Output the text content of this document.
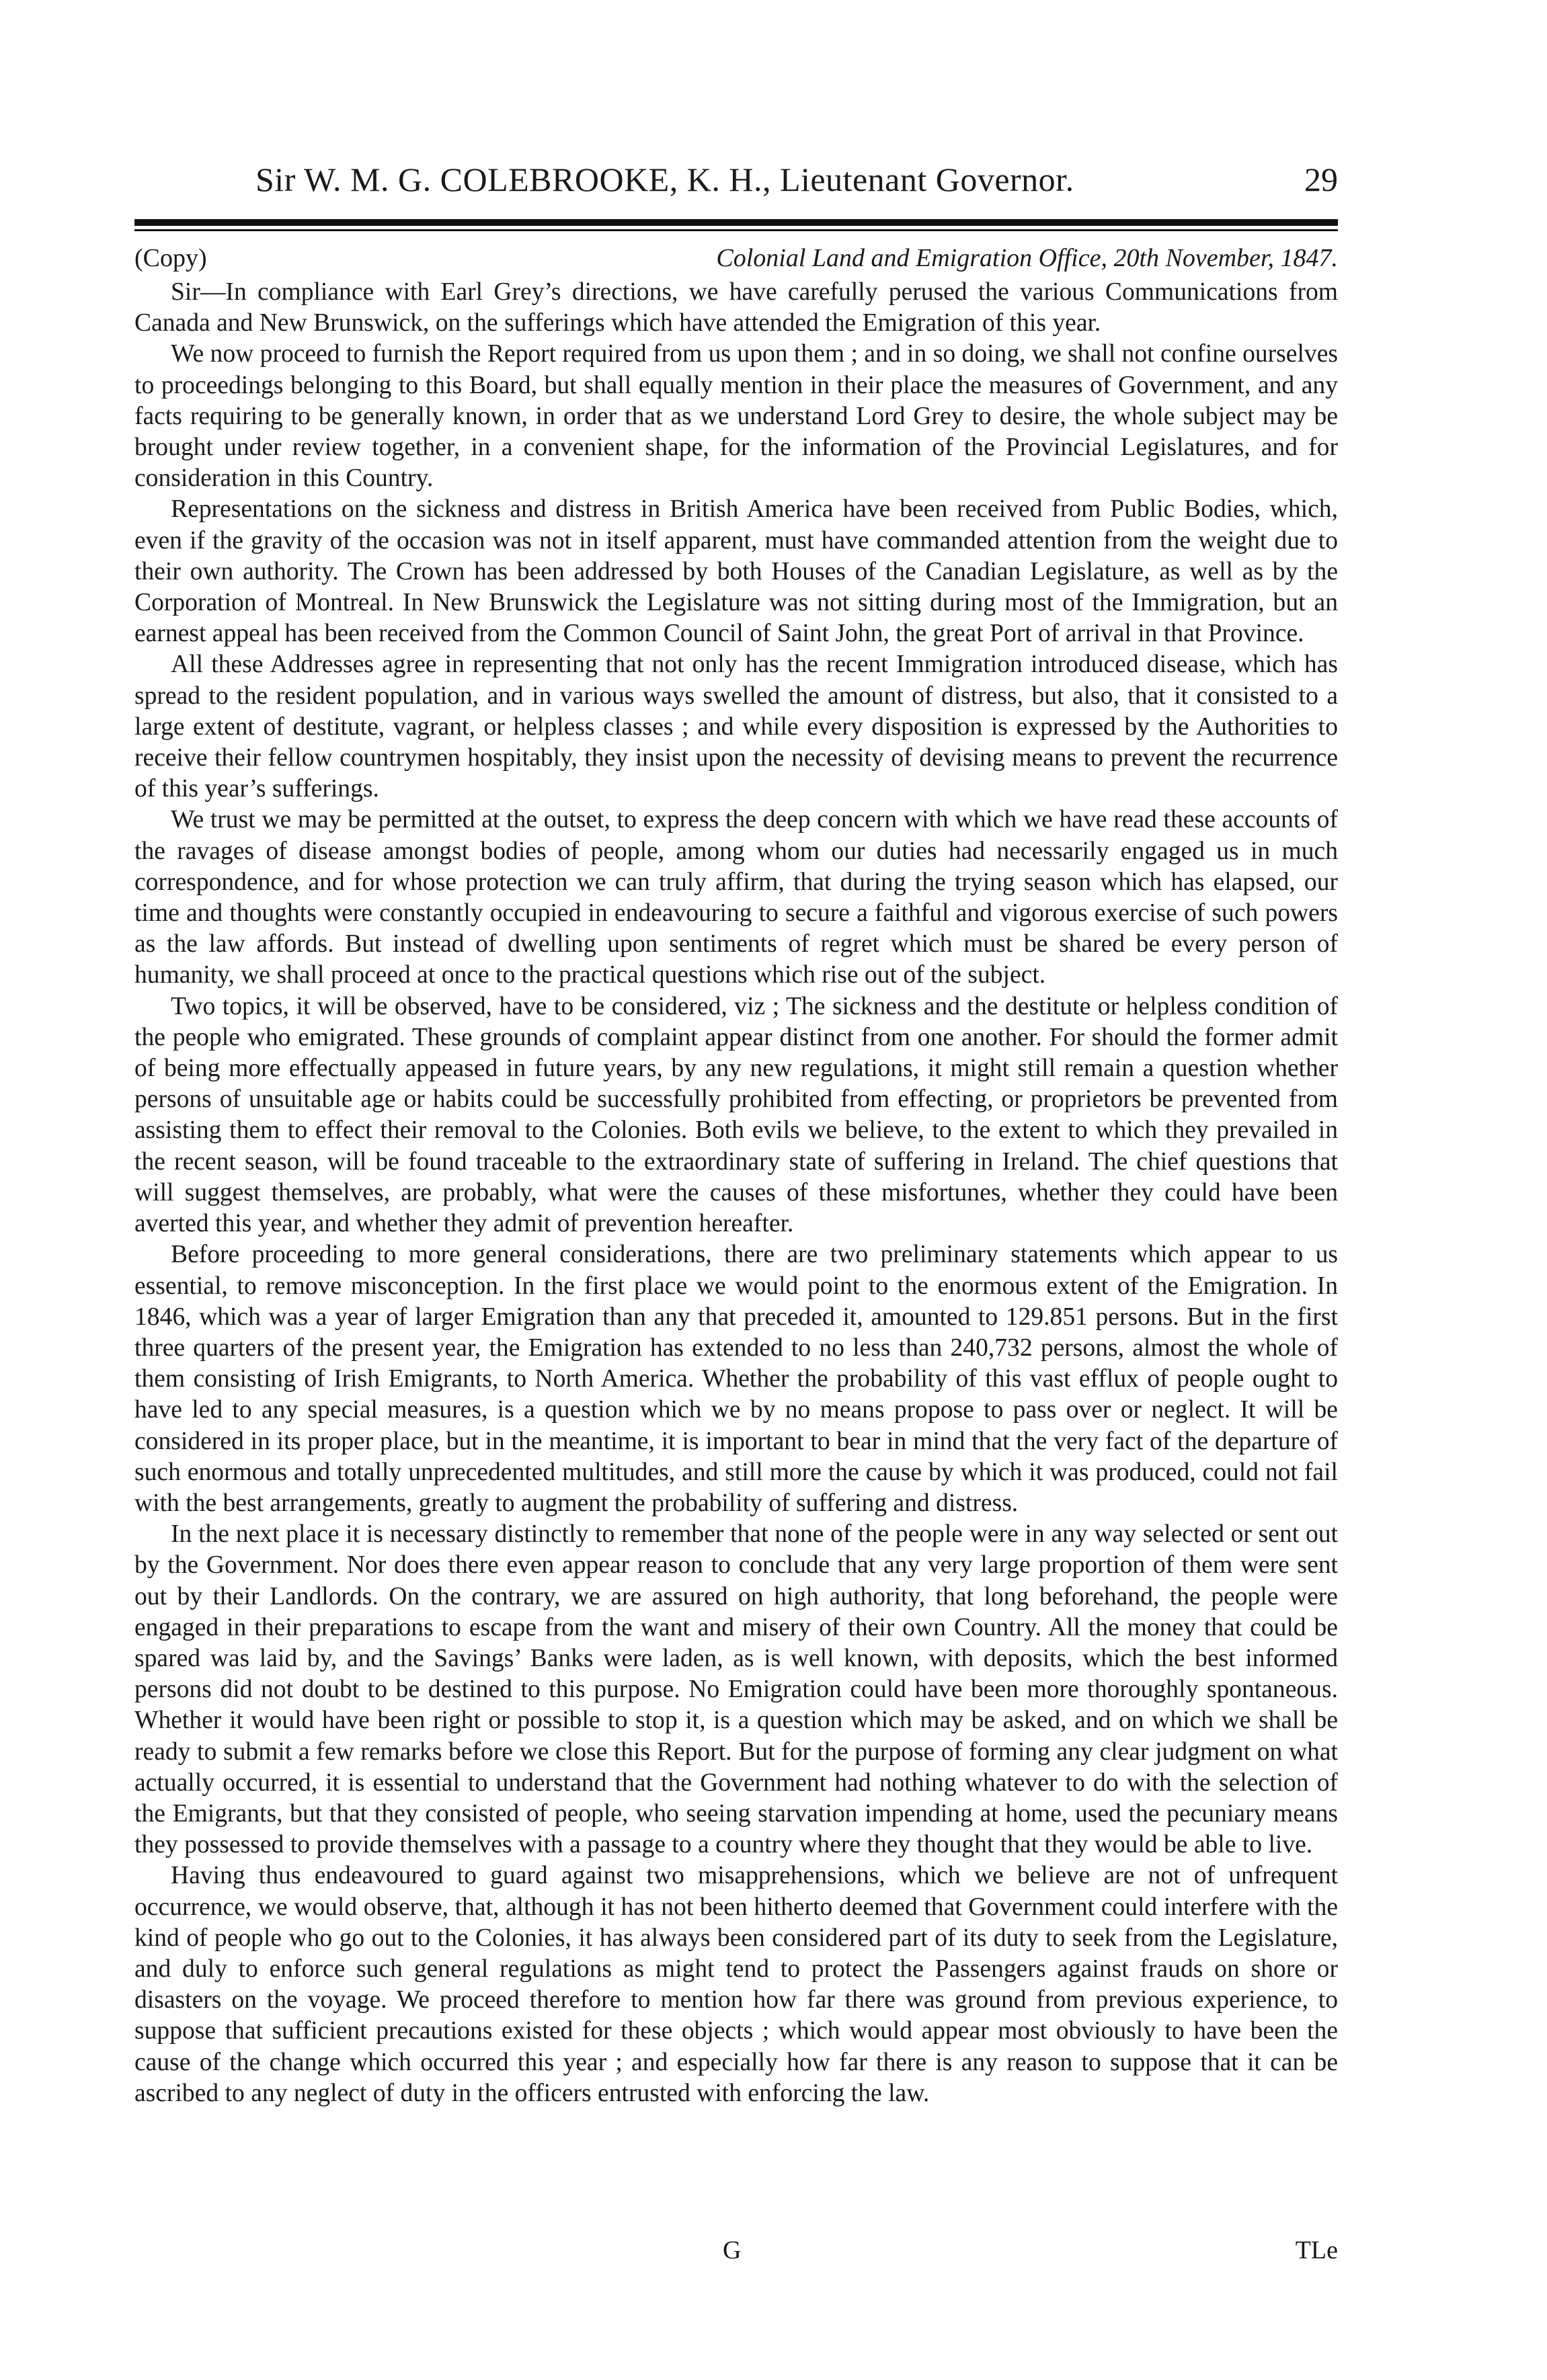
Sir W. M. G. COLEBROOKE, K. H., Lieutenant Governor.	29
(Copy)	Colonial Land and Emigration Office, 20th November, 1847.

Sir—In compliance with Earl Grey’s directions, we have carefully perused the various Communications from Canada and New Brunswick, on the sufferings which have attended the Emigration of this year.

We now proceed to furnish the Report required from us upon them ; and in so doing, we shall not confine ourselves to proceedings belonging to this Board, but shall equally mention in their place the measures of Government, and any facts requiring to be generally known, in order that as we understand Lord Grey to desire, the whole subject may be brought under review together, in a convenient shape, for the information of the Provincial Legislatures, and for consideration in this Country.

Representations on the sickness and distress in British America have been received from Public Bodies, which, even if the gravity of the occasion was not in itself apparent, must have commanded attention from the weight due to their own authority. The Crown has been addressed by both Houses of the Canadian Legislature, as well as by the Corporation of Montreal. In New Brunswick the Legislature was not sitting during most of the Immigration, but an earnest appeal has been received from the Common Council of Saint John, the great Port of arrival in that Province.

All these Addresses agree in representing that not only has the recent Immigration introduced disease, which has spread to the resident population, and in various ways swelled the amount of distress, but also, that it consisted to a large extent of destitute, vagrant, or helpless classes ; and while every disposition is expressed by the Authorities to receive their fellow countrymen hospitably, they insist upon the necessity of devising means to prevent the recurrence of this year’s sufferings.

We trust we may be permitted at the outset, to express the deep concern with which we have read these accounts of the ravages of disease amongst bodies of people, among whom our duties had necessarily engaged us in much correspondence, and for whose protection we can truly affirm, that during the trying season which has elapsed, our time and thoughts were constantly occupied in endeavouring to secure a faithful and vigorous exercise of such powers as the law affords. But instead of dwelling upon sentiments of regret which must be shared be every person of humanity, we shall proceed at once to the practical questions which rise out of the subject.

Two topics, it will be observed, have to be considered, viz ; The sickness and the destitute or helpless condition of the people who emigrated. These grounds of complaint appear distinct from one another. For should the former admit of being more effectually appeased in future years, by any new regulations, it might still remain a question whether persons of unsuitable age or habits could be successfully prohibited from effecting, or proprietors be prevented from assisting them to effect their removal to the Colonies. Both evils we believe, to the extent to which they prevailed in the recent season, will be found traceable to the extraordinary state of suffering in Ireland. The chief questions that will suggest themselves, are probably, what were the causes of these misfortunes, whether they could have been averted this year, and whether they admit of prevention hereafter.

Before proceeding to more general considerations, there are two preliminary statements which appear to us essential, to remove misconception. In the first place we would point to the enormous extent of the Emigration. In 1846, which was a year of larger Emigration than any that preceded it, amounted to 129.851 persons. But in the first three quarters of the present year, the Emigration has extended to no less than 240,732 persons, almost the whole of them consisting of Irish Emigrants, to North America. Whether the probability of this vast efflux of people ought to have led to any special measures, is a question which we by no means propose to pass over or neglect. It will be considered in its proper place, but in the meantime, it is important to bear in mind that the very fact of the departure of such enormous and totally unprecedented multitudes, and still more the cause by which it was produced, could not fail with the best arrangements, greatly to augment the probability of suffering and distress.

In the next place it is necessary distinctly to remember that none of the people were in any way selected or sent out by the Government. Nor does there even appear reason to conclude that any very large proportion of them were sent out by their Landlords. On the contrary, we are assured on high authority, that long beforehand, the people were engaged in their preparations to escape from the want and misery of their own Country. All the money that could be spared was laid by, and the Savings’ Banks were laden, as is well known, with deposits, which the best informed persons did not doubt to be destined to this purpose. No Emigration could have been more thoroughly spontaneous. Whether it would have been right or possible to stop it, is a question which may be asked, and on which we shall be ready to submit a few remarks before we close this Report. But for the purpose of forming any clear judgment on what actually occurred, it is essential to understand that the Government had nothing whatever to do with the selection of the Emigrants, but that they consisted of people, who seeing starvation impending at home, used the pecuniary means they possessed to provide themselves with a passage to a country where they thought that they would be able to live.

Having thus endeavoured to guard against two misapprehensions, which we believe are not of unfrequent occurrence, we would observe, that, although it has not been hitherto deemed that Government could interfere with the kind of people who go out to the Colonies, it has always been considered part of its duty to seek from the Legislature, and duly to enforce such general regulations as might tend to protect the Passengers against frauds on shore or disasters on the voyage. We proceed therefore to mention how far there was ground from previous experience, to suppose that sufficient precautions existed for these objects ; which would appear most obviously to have been the cause of the change which occurred this year ; and especially how far there is any reason to suppose that it can be ascribed to any neglect of duty in the officers entrusted with enforcing the law.

G	TLe
